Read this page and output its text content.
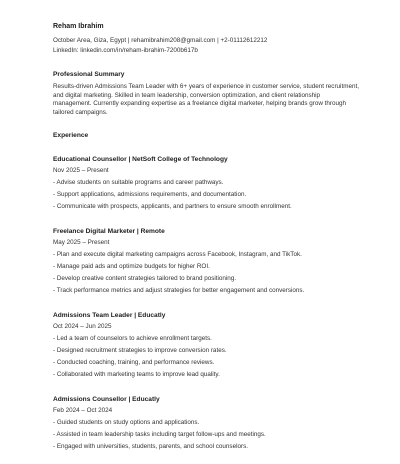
Reham Ibrahim
October Area, Giza, Egypt | rehamibrahim208@gmail.com | +2-01112612212
LinkedIn: linkedin.com/in/reham-ibrahim-7200b617b
Professional Summary
Results-driven Admissions Team Leader with 6+ years of experience in customer service, student recruitment, and digital marketing. Skilled in team leadership, conversion optimization, and client relationship management. Currently expanding expertise as a freelance digital marketer, helping brands grow through tailored campaigns.
Experience
Educational Counsellor | NetSoft College of Technology
Nov 2025 – Present
- Advise students on suitable programs and career pathways.
- Support applications, admissions requirements, and documentation.
- Communicate with prospects, applicants, and partners to ensure smooth enrollment.
Freelance Digital Marketer | Remote
May 2025 – Present
- Plan and execute digital marketing campaigns across Facebook, Instagram, and TikTok.
- Manage paid ads and optimize budgets for higher ROI.
- Develop creative content strategies tailored to brand positioning.
- Track performance metrics and adjust strategies for better engagement and conversions.
Admissions Team Leader | Educatly
Oct 2024 – Jun 2025
- Led a team of counselors to achieve enrollment targets.
- Designed recruitment strategies to improve conversion rates.
- Conducted coaching, training, and performance reviews.
- Collaborated with marketing teams to improve lead quality.
Admissions Counsellor | Educatly
Feb 2024 – Oct 2024
- Guided students on study options and applications.
- Assisted in team leadership tasks including target follow-ups and meetings.
- Engaged with universities, students, parents, and school counselors.
